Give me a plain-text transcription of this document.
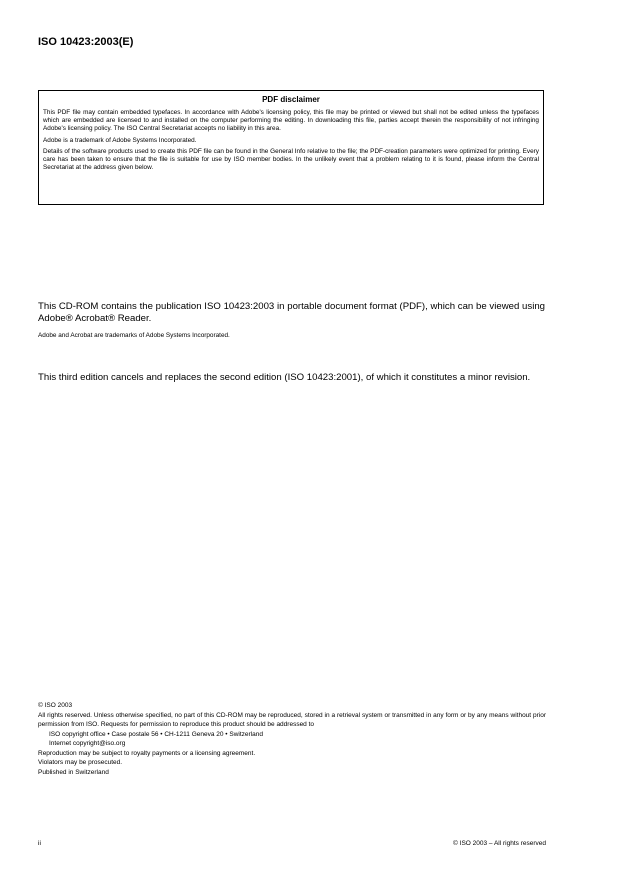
ISO 10423:2003(E)
PDF disclaimer

This PDF file may contain embedded typefaces. In accordance with Adobe's licensing policy, this file may be printed or viewed but shall not be edited unless the typefaces which are embedded are licensed to and installed on the computer performing the editing. In downloading this file, parties accept therein the responsibility of not infringing Adobe's licensing policy. The ISO Central Secretariat accepts no liability in this area.

Adobe is a trademark of Adobe Systems Incorporated.

Details of the software products used to create this PDF file can be found in the General Info relative to the file; the PDF-creation parameters were optimized for printing. Every care has been taken to ensure that the file is suitable for use by ISO member bodies. In the unlikely event that a problem relating to it is found, please inform the Central Secretariat at the address given below.

This CD-ROM contains the publication ISO 10423:2003 in portable document format (PDF), which can be viewed using Adobe® Acrobat® Reader.

Adobe and Acrobat are trademarks of Adobe Systems Incorporated.

This third edition cancels and replaces the second edition (ISO 10423:2001), of which it constitutes a minor revision.

© ISO 2003

All rights reserved. Unless otherwise specified, no part of this CD-ROM may be reproduced, stored in a retrieval system or transmitted in any form or by any means without prior permission from ISO. Requests for permission to reproduce this product should be addressed to

ISO copyright office • Case postale 56 • CH-1211 Geneva 20 • Switzerland

Internet copyright@iso.org

Reproduction may be subject to royalty payments or a licensing agreement.

Violators may be prosecuted.

Published in Switzerland

ii	© ISO 2003 – All rights reserved
